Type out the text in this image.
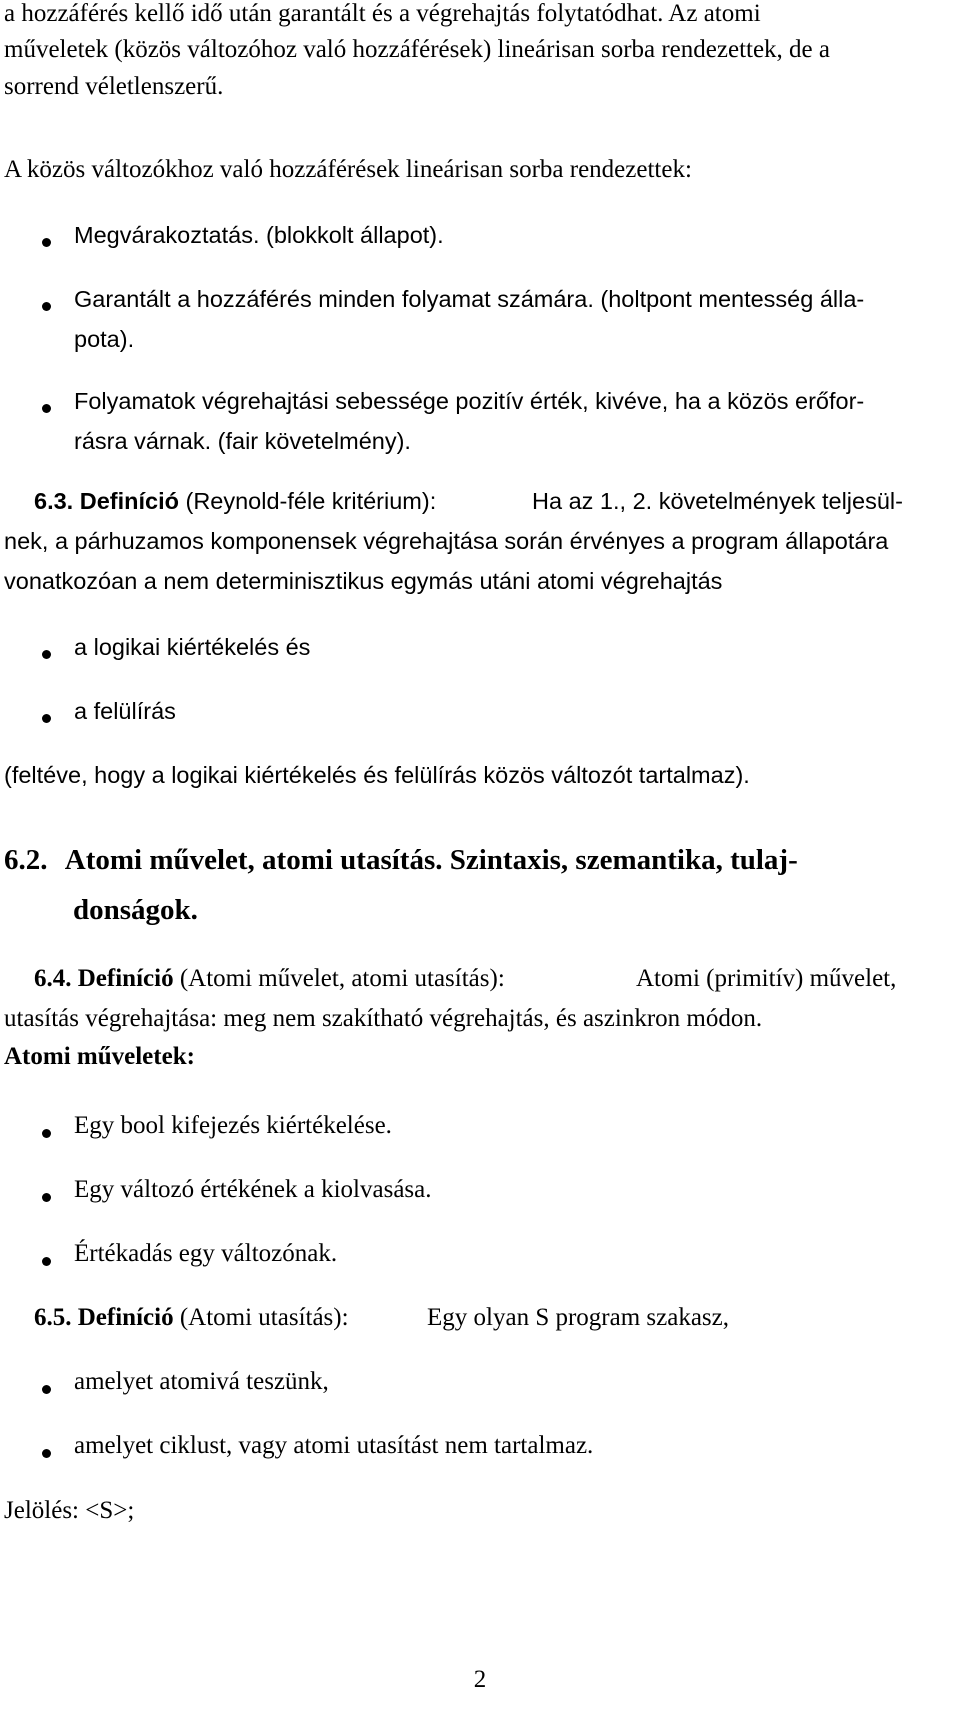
a hozzáférés kellő idő után garantált és a végrehajtás folytatódhat. Az atomi
műveletek (közös változóhoz való hozzáférések) lineárisan sorba rendezettek, de a
sorrend véletlenszerű.
A közös változókhoz való hozzáférések lineárisan sorba rendezettek:
Megvárakoztatás. (blokkolt állapot).
Garantált a hozzáférés minden folyamat számára. (holtpont mentesség álla-
pota).
Folyamatok végrehajtási sebessége pozitív érték, kivéve, ha a közös erőfor-
rásra várnak. (fair követelmény).
6.3. Definíció (Reynold-féle kritérium):	Ha az 1., 2. követelmények teljesül-
nek, a párhuzamos komponensek végrehajtása során érvényes a program állapotára
vonatkozóan a nem determinisztikus egymás utáni atomi végrehajtás
a logikai kiértékelés és
a felülírás
(feltéve, hogy a logikai kiértékelés és felülírás közös változót tartalmaz).
6.2. Atomi művelet, atomi utasítás. Szintaxis, szemantika, tulaj-
donságok.
6.4. Definíció (Atomi művelet, atomi utasítás):	Atomi (primitív) művelet,
utasítás végrehajtása: meg nem szakítható végrehajtás, és aszinkron módon.
Atomi műveletek:
Egy bool kifejezés kiértékelése.
Egy változó értékének a kiolvasása.
Értékadás egy változónak.
6.5. Definíció (Atomi utasítás):	Egy olyan S program szakasz,
amelyet atomivá teszünk,
amelyet ciklust, vagy atomi utasítást nem tartalmaz.
Jelölés: <S>;
2
